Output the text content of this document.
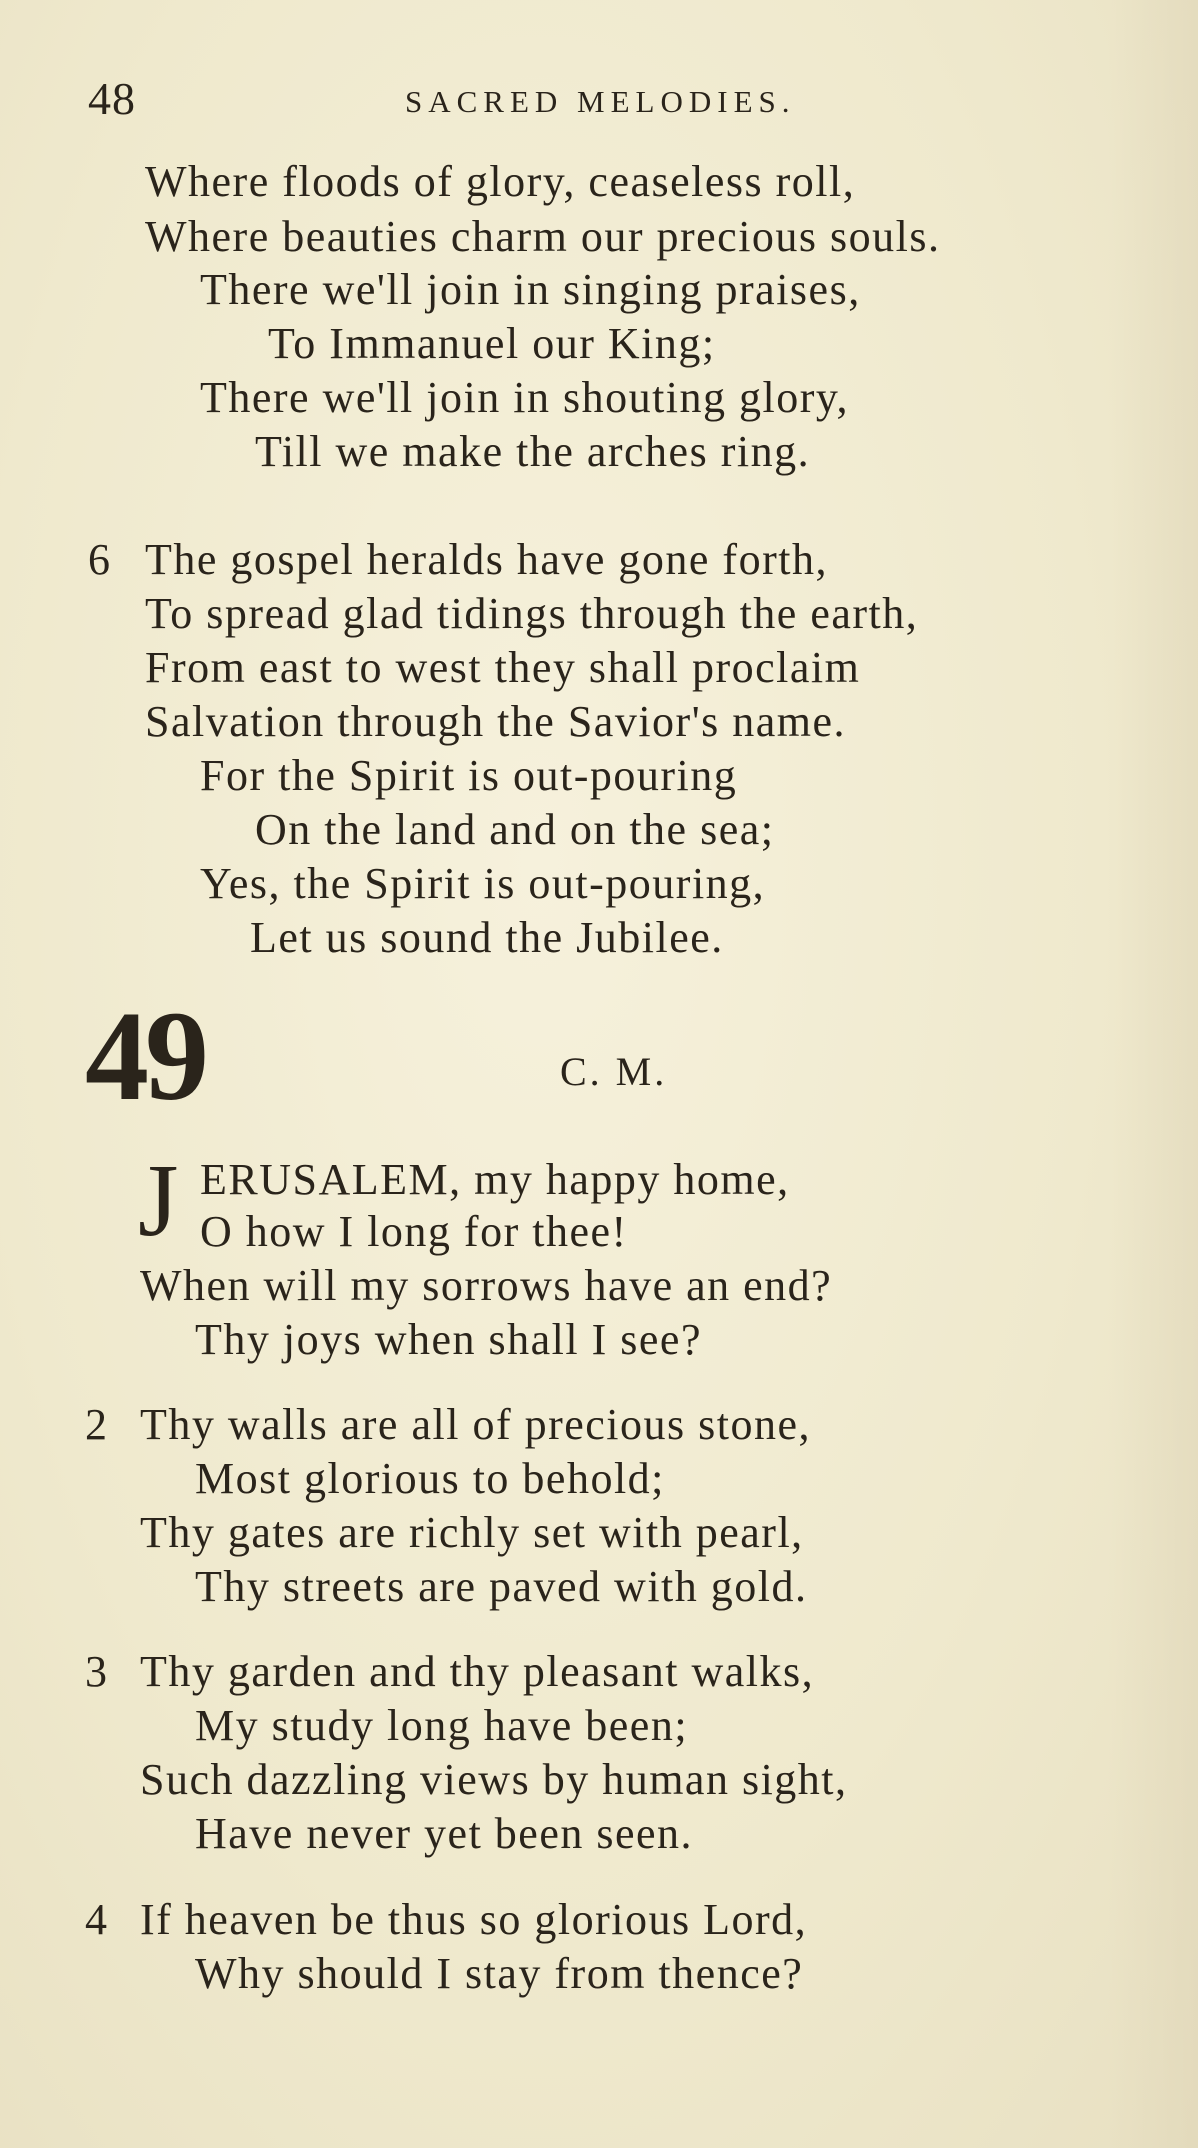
48	SACRED MELODIES.
Where floods of glory, ceaseless roll,
Where beauties charm our precious souls.
There we'll join in singing praises,
To Immanuel our King;
There we'll join in shouting glory,
Till we make the arches ring.
6 The gospel heralds have gone forth,
To spread glad tidings through the earth,
From east to west they shall proclaim
Salvation through the Savior's name.
For the Spirit is out-pouring
On the land and on the sea;
Yes, the Spirit is out-pouring,
Let us sound the Jubilee.
49	C. M.
J ERUSALEM, my happy home,
O how I long for thee!
When will my sorrows have an end?
Thy joys when shall I see?
2 Thy walls are all of precious stone,
Most glorious to behold;
Thy gates are richly set with pearl,
Thy streets are paved with gold.
3 Thy garden and thy pleasant walks,
My study long have been;
Such dazzling views by human sight,
Have never yet been seen.
4 If heaven be thus so glorious Lord,
Why should I stay from thence?
